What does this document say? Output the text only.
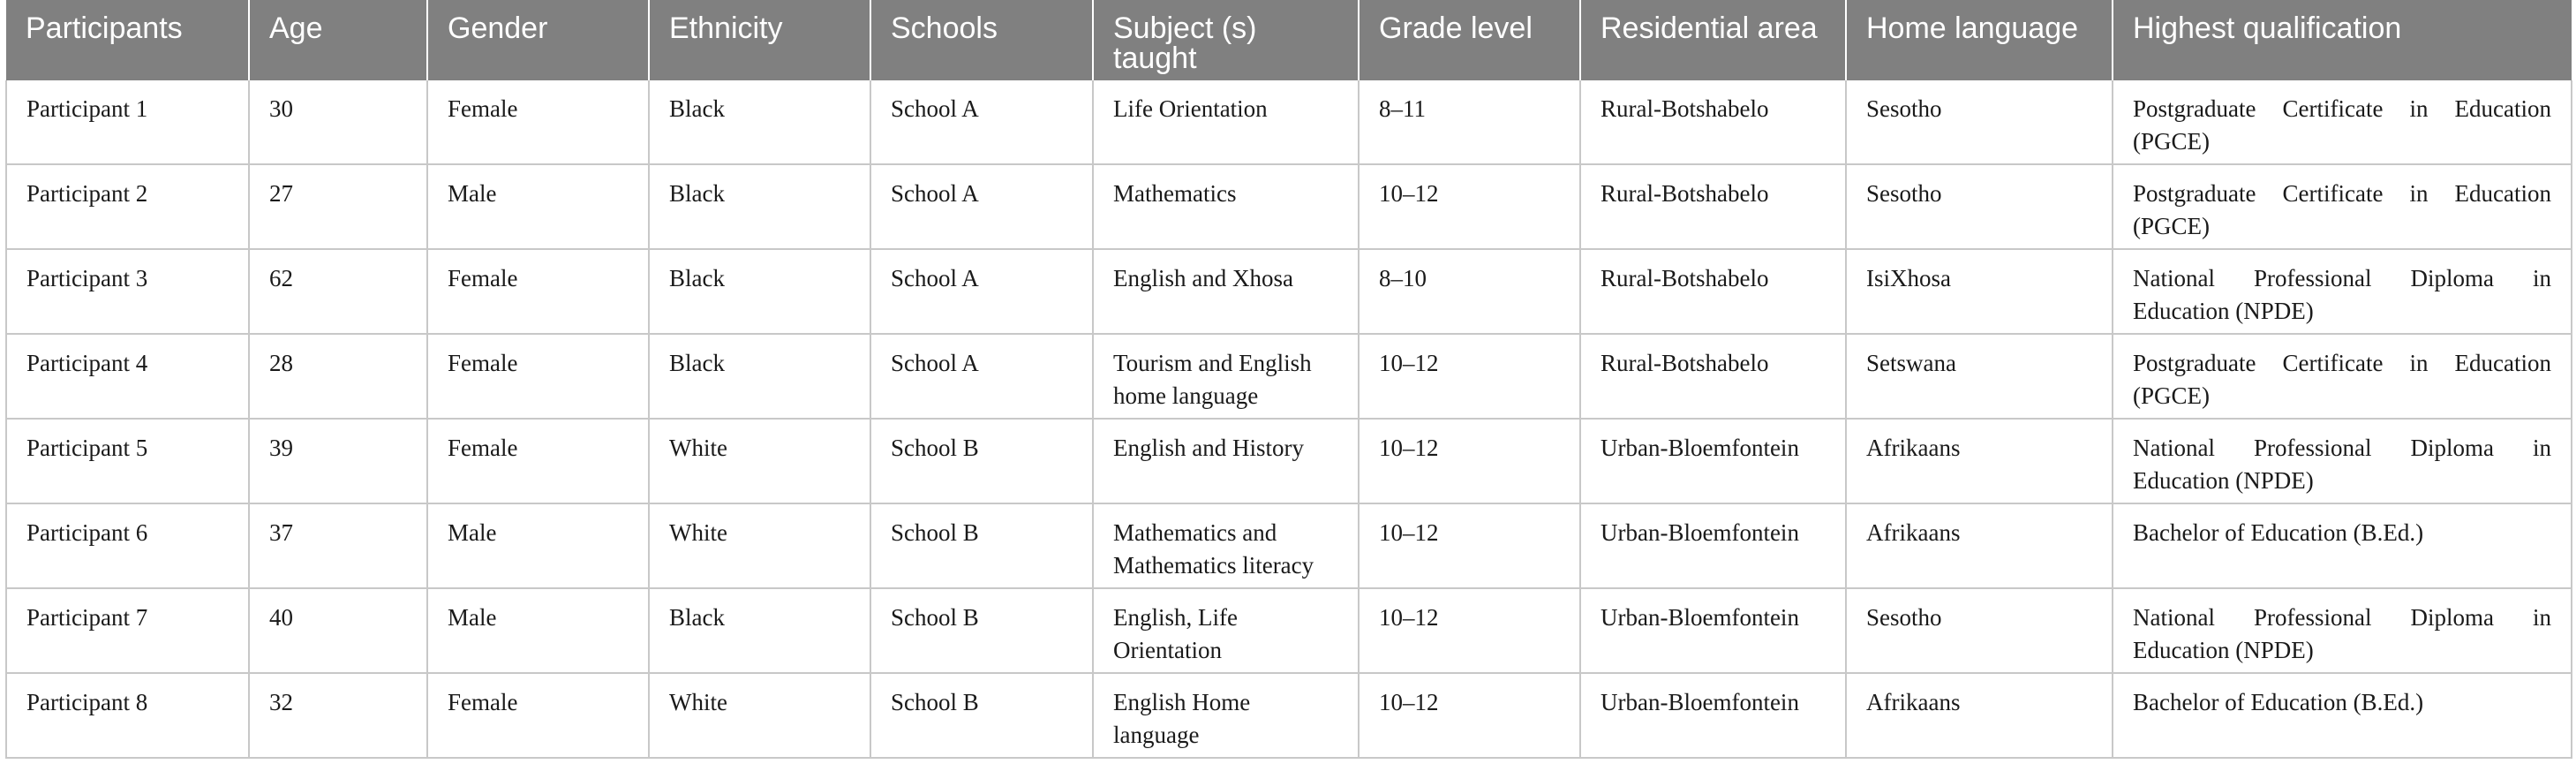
Participants	Age	Gender	Ethnicity	Schools	Subject (s) taught	Grade level	Residential area	Home language	Highest qualification
Participant 1	30	Female	Black	School A	Life Orientation	8–11	Rural-Botshabelo	Sesotho	Postgraduate Certificate in Education (PGCE)
Participant 2	27	Male	Black	School A	Mathematics	10–12	Rural-Botshabelo	Sesotho	Postgraduate Certificate in Education (PGCE)
Participant 3	62	Female	Black	School A	English and Xhosa	8–10	Rural-Botshabelo	IsiXhosa	National Professional Diploma in Education (NPDE)
Participant 4	28	Female	Black	School A	Tourism and English home language	10–12	Rural-Botshabelo	Setswana	Postgraduate Certificate in Education (PGCE)
Participant 5	39	Female	White	School B	English and History	10–12	Urban-Bloemfontein	Afrikaans	National Professional Diploma in Education (NPDE)
Participant 6	37	Male	White	School B	Mathematics and Mathematics literacy	10–12	Urban-Bloemfontein	Afrikaans	Bachelor of Education (B.Ed.)
Participant 7	40	Male	Black	School B	English, Life Orientation	10–12	Urban-Bloemfontein	Sesotho	National Professional Diploma in Education (NPDE)
Participant 8	32	Female	White	School B	English Home language	10–12	Urban-Bloemfontein	Afrikaans	Bachelor of Education (B.Ed.)
